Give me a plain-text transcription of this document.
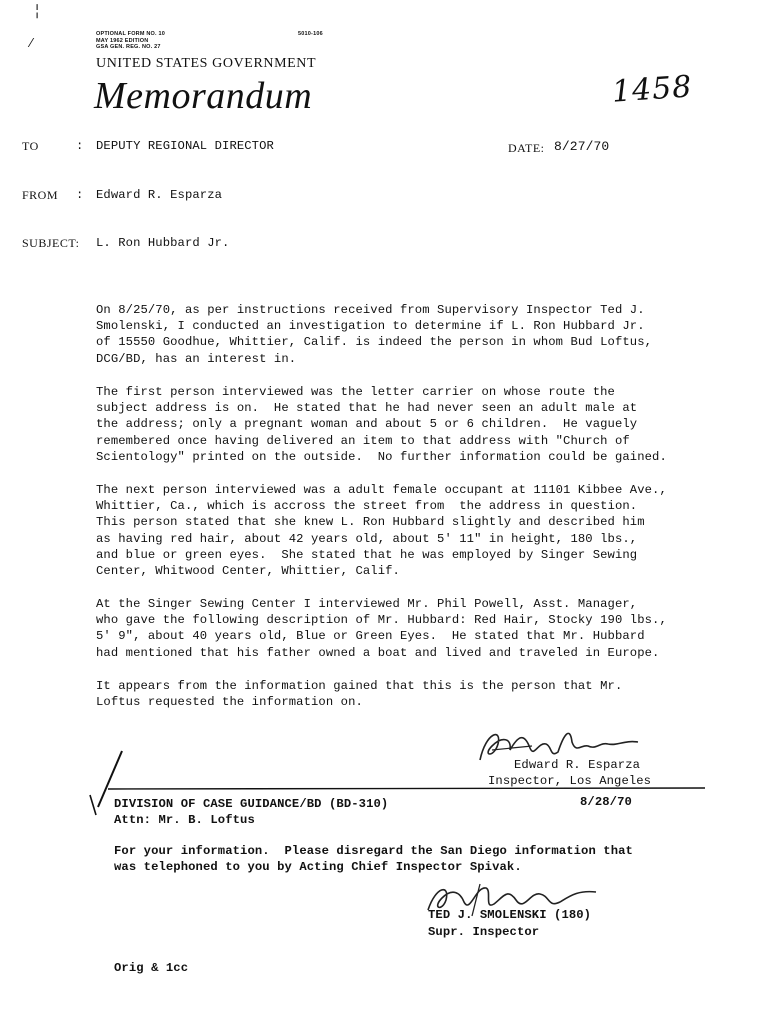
╎
⁄
OPTIONAL FORM NO. 10
MAY 1962 EDITION
GSA GEN. REG. NO. 27
5010-106
UNITED STATES GOVERNMENT
Memorandum	1458
TO	: DEPUTY REGIONAL DIRECTOR	DATE: 8/27/70
FROM : Edward R. Esparza
SUBJECT: L. Ron Hubbard Jr.
On 8/25/70, as per instructions received from Supervisory Inspector Ted J.
Smolenski, I conducted an investigation to determine if L. Ron Hubbard Jr.
of 15550 Goodhue, Whittier, Calif. is indeed the person in whom Bud Loftus,
DCG/BD, has an interest in.
The first person interviewed was the letter carrier on whose route the
subject address is on.  He stated that he had never seen an adult male at
the address; only a pregnant woman and about 5 or 6 children.  He vaguely
remembered once having delivered an item to that address with "Church of
Scientology" printed on the outside.  No further information could be gained.
The next person interviewed was a adult female occupant at 11101 Kibbee Ave.,
Whittier, Ca., which is accross the street from  the address in question.
This person stated that she knew L. Ron Hubbard slightly and described him
as having red hair, about 42 years old, about 5' 11" in height, 180 lbs.,
and blue or green eyes.  She stated that he was employed by Singer Sewing
Center, Whitwood Center, Whittier, Calif.
At the Singer Sewing Center I interviewed Mr. Phil Powell, Asst. Manager,
who gave the following description of Mr. Hubbard: Red Hair, Stocky 190 lbs.,
5' 9", about 40 years old, Blue or Green Eyes.  He stated that Mr. Hubbard
had mentioned that his father owned a boat and lived and traveled in Europe.
It appears from the information gained that this is the person that Mr.
Loftus requested the information on.
Edward R. Esparza
Inspector, Los Angeles
DIVISION OF CASE GUIDANCE/BD (BD-310)	8/28/70
Attn: Mr. B. Loftus
For your information.  Please disregard the San Diego information that
was telephoned to you by Acting Chief Inspector Spivak.
TED J. SMOLENSKI (180)
Supr. Inspector
Orig & 1cc
